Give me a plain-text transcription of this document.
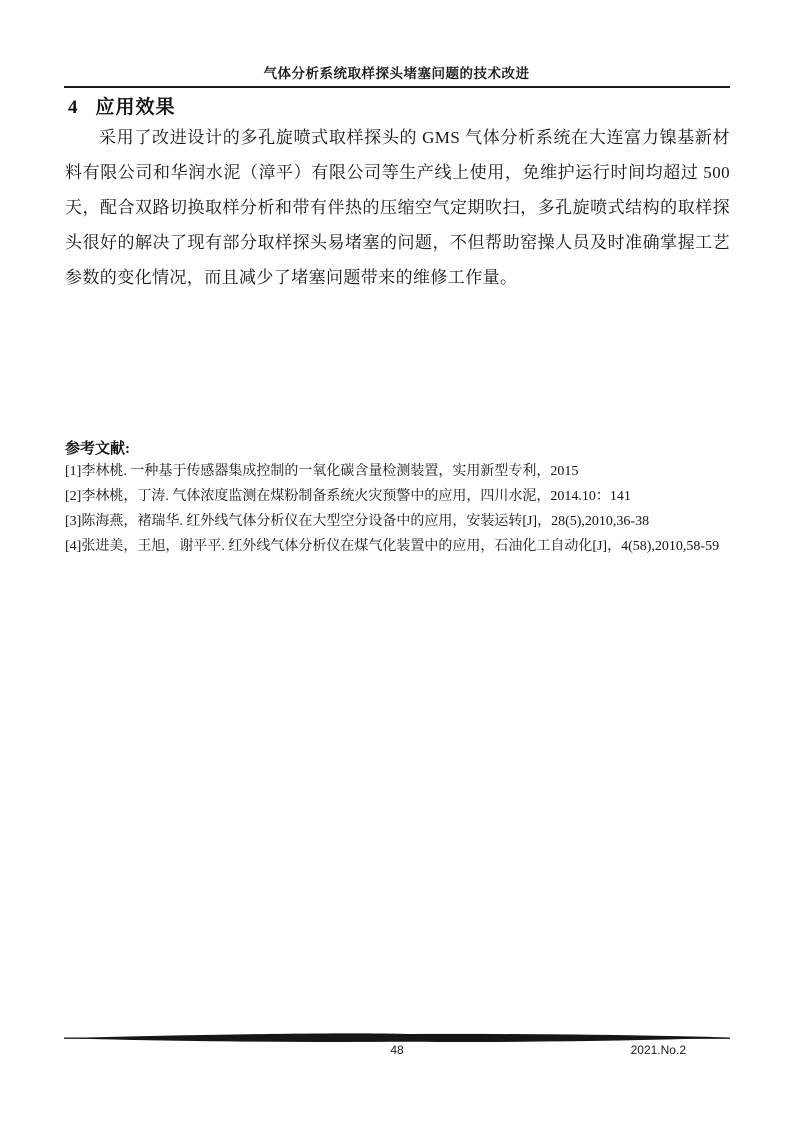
气体分析系统取样探头堵塞问题的技术改进
4 应用效果
采用了改进设计的多孔旋喷式取样探头的 GMS 气体分析系统在大连富力镍基新材料有限公司和华润水泥（漳平）有限公司等生产线上使用，免维护运行时间均超过 500 天，配合双路切换取样分析和带有伴热的压缩空气定期吹扫，多孔旋喷式结构的取样探头很好的解决了现有部分取样探头易堵塞的问题，不但帮助窑操人员及时准确掌握工艺参数的变化情况，而且减少了堵塞问题带来的维修工作量。
参考文献:

[1]李林桃. 一种基于传感器集成控制的一氧化碳含量检测装置，实用新型专利，2015

[2]李林桃，丁涛. 气体浓度监测在煤粉制备系统火灾预警中的应用，四川水泥，2014.10：141

[3]陈海燕，褚瑞华. 红外线气体分析仪在大型空分设备中的应用，安装运转[J]，28(5),2010,36-38

[4]张进美，王旭，谢平平. 红外线气体分析仪在煤气化装置中的应用，石油化工自动化[J]，4(58),2010,58-59

48	2021.No.2
